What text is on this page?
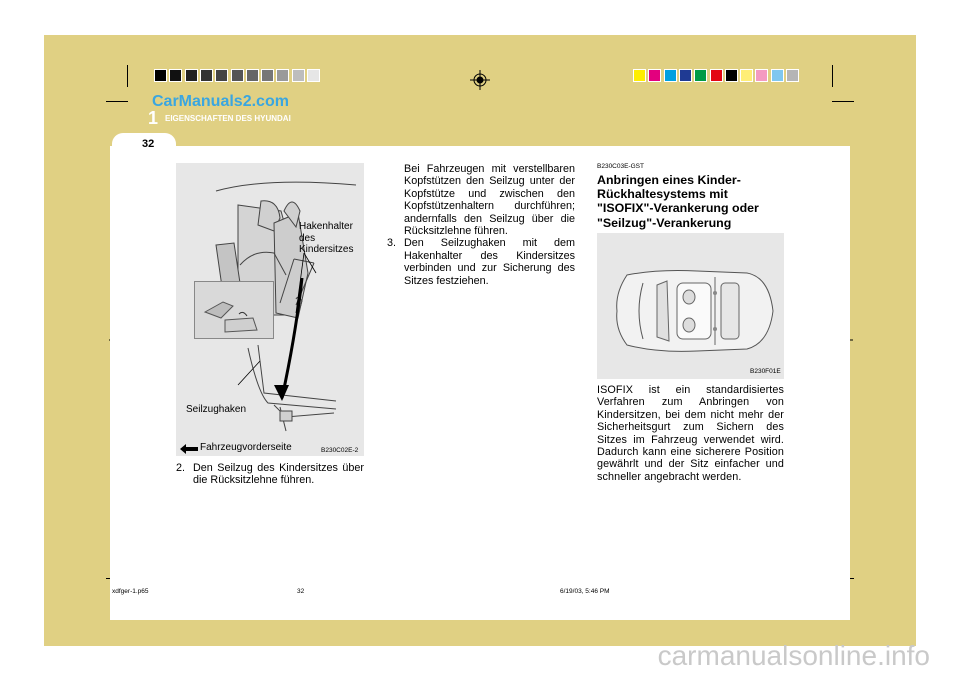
CarManuals2.com
1 EIGENSCHAFTEN DES HYUNDAI
32
Hakenhalter
des
Kindersitzes
Seilzughaken
Fahrzeugvorderseite	B230C02E-2

2. Den Seilzug des Kindersitzes über die Rücksitzlehne führen.

Bei Fahrzeugen mit verstellbaren Kopfstützen den Seilzug unter der Kopfstütze und zwischen den Kopfstützenhaltern durchführen; andernfalls den Seilzug über die Rücksitzlehne führen.

3. Den Seilzughaken mit dem Hakenhalter des Kindersitzes verbinden und zur Sicherung des Sitzes festziehen.

B230C03E-GST
Anbringen eines Kinder-Rückhaltesystems mit "ISOFIX"-Verankerung oder "Seilzug"-Verankerung
B230F01E
ISOFIX ist ein standardisiertes Verfahren zum Anbringen von Kindersitzen, bei dem nicht mehr der Sicherheitsgurt zum Sichern des Sitzes im Fahrzeug verwendet wird. Dadurch kann eine sicherere Position gewährlt und der Sitz einfacher und schneller angebracht werden.
xdfger-1.p65	32	6/19/03, 5:46 PM
carmanualsonline.info
